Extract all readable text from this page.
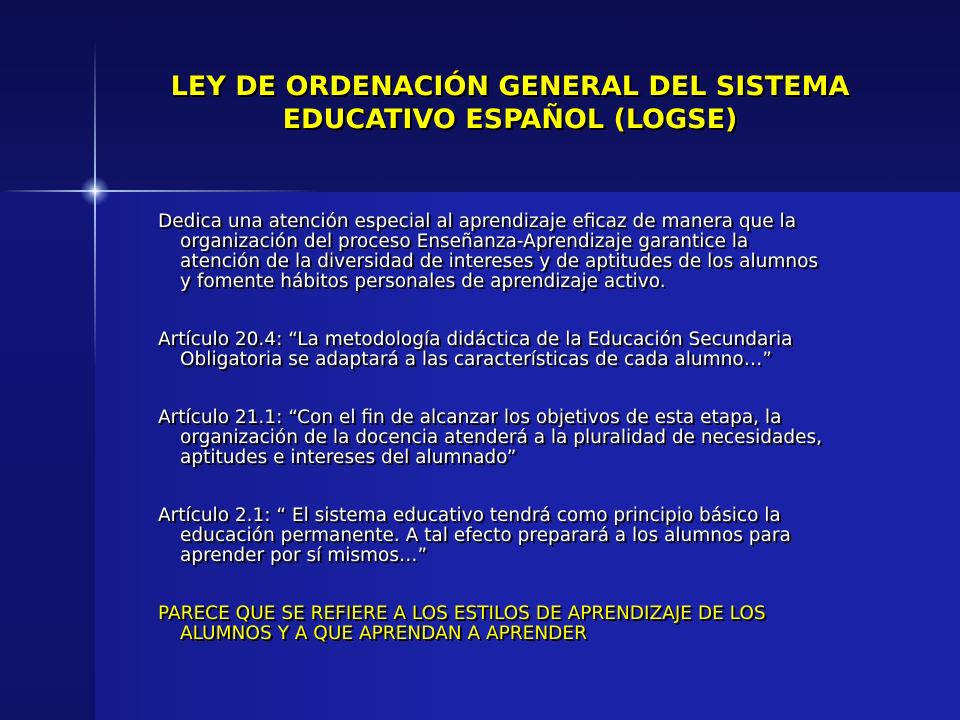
LEY DE ORDENACIÓN GENERAL DEL SISTEMA
EDUCATIVO ESPAÑOL (LOGSE)

Dedica una atención especial al aprendizaje eficaz de manera que la
organización del proceso Enseñanza-Aprendizaje garantice la
atención de la diversidad de intereses y de aptitudes de los alumnos
y fomente hábitos personales de aprendizaje activo.

Artículo 20.4: “La metodología didáctica de la Educación Secundaria
Obligatoria se adaptará a las características de cada alumno…”

Artículo 21.1: “Con el fin de alcanzar los objetivos de esta etapa, la
organización de la docencia atenderá a la pluralidad de necesidades,
aptitudes e intereses del alumnado”

Artículo 2.1: “ El sistema educativo tendrá como principio básico la
educación permanente. A tal efecto preparará a los alumnos para
aprender por sí mismos…”

PARECE QUE SE REFIERE A LOS ESTILOS DE APRENDIZAJE DE LOS
ALUMNOS Y A QUE APRENDAN A APRENDER
